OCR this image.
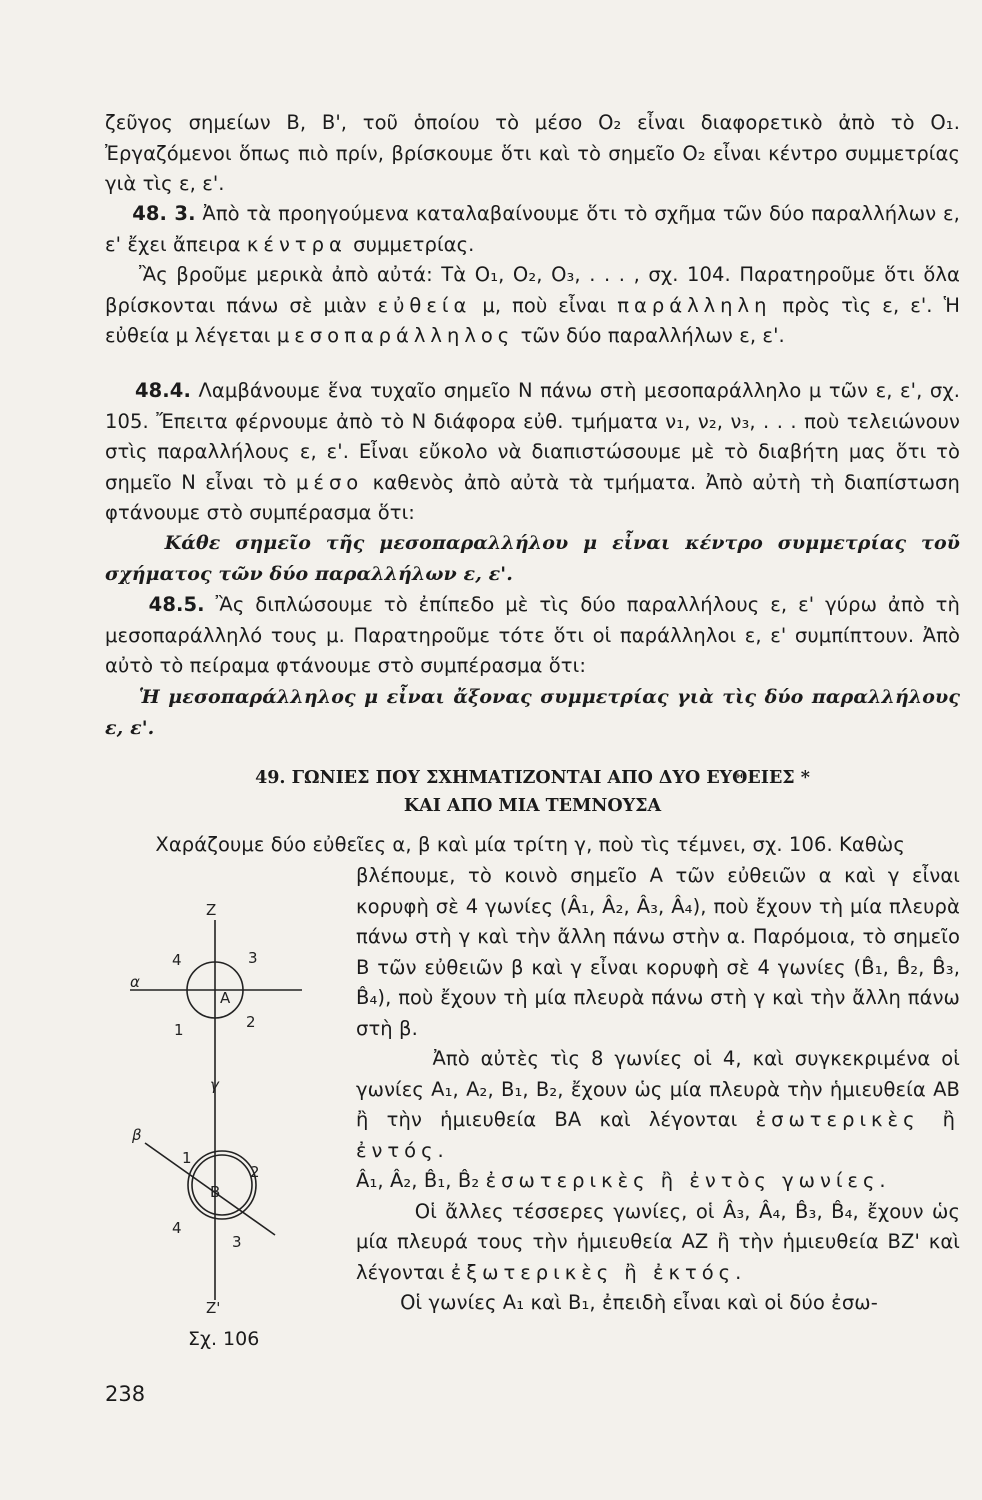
ζεῦγος σημείων Β, Β', τοῦ ὁποίου τὸ μέσο Ο₂ εἶναι διαφορετικὸ ἀπὸ τὸ Ο₁. Ἐργαζόμενοι ὅπως πιὸ πρίν, βρίσκουμε ὅτι καὶ τὸ σημεῖο Ο₂ εἶναι κέντρο συμμετρίας γιὰ τὶς ε, ε'.
48. 3. Ἀπὸ τὰ προηγούμενα καταλαβαίνουμε ὅτι τὸ σχῆμα τῶν δύο παραλλήλων ε, ε' ἔχει ἄπειρα κέντρα συμμετρίας.
Ἂς βροῦμε μερικὰ ἀπὸ αὐτά: Τὰ Ο₁, Ο₂, Ο₃, . . . , σχ. 104. Παρατηροῦμε ὅτι ὅλα βρίσκονται πάνω σὲ μιὰν εὐθεία μ, ποὺ εἶναι παράλληλη πρὸς τὶς ε, ε'. Ἡ εὐθεία μ λέγεται μεσοπαράλληλος τῶν δύο παραλλήλων ε, ε'.
48.4. Λαμβάνουμε ἕνα τυχαῖο σημεῖο Ν πάνω στὴ μεσοπαράλληλο μ τῶν ε, ε', σχ. 105. Ἔπειτα φέρνουμε ἀπὸ τὸ Ν διάφορα εὐθ. τμήματα ν₁, ν₂, ν₃, . . . ποὺ τελειώνουν στὶς παραλλήλους ε, ε'. Εἶναι εὔκολο νὰ διαπιστώσουμε μὲ τὸ διαβήτη μας ὅτι τὸ σημεῖο Ν εἶναι τὸ μέσο καθενὸς ἀπὸ αὐτὰ τὰ τμήματα. Ἀπὸ αὐτὴ τὴ διαπίστωση φτάνουμε στὸ συμπέρασμα ὅτι:
Κάθε σημεῖο τῆς μεσοπαραλλήλου μ εἶναι κέντρο συμμετρίας τοῦ σχήματος τῶν δύο παραλλήλων ε, ε'.
48.5. Ἂς διπλώσουμε τὸ ἐπίπεδο μὲ τὶς δύο παραλλήλους ε, ε' γύρω ἀπὸ τὴ μεσοπαράλληλό τους μ. Παρατηροῦμε τότε ὅτι οἱ παράλληλοι ε, ε' συμπίπτουν. Ἀπὸ αὐτὸ τὸ πείραμα φτάνουμε στὸ συμπέρασμα ὅτι:
Ἡ μεσοπαράλληλος μ εἶναι ἄξονας συμμετρίας γιὰ τὶς δύο παραλλήλους ε, ε'.
49. ΓΩΝΙΕΣ ΠΟΥ ΣΧΗΜΑΤΙΖΟΝΤΑΙ ΑΠΟ ΔΥΟ ΕΥΘΕΙΕΣ *
ΚΑΙ ΑΠΟ ΜΙΑ ΤΕΜΝΟΥΣΑ
Χαράζουμε δύο εὐθεῖες α, β καὶ μία τρίτη γ, ποὺ τὶς τέμνει, σχ. 106. Καθὼς
βλέπουμε, τὸ κοινὸ σημεῖο Α τῶν εὐθειῶν α καὶ γ εἶναι κορυφὴ σὲ 4 γωνίες (Â₁, Â₂, Â₃, Â₄), ποὺ ἔχουν τὴ μία πλευρὰ πάνω στὴ γ καὶ τὴν ἄλλη πάνω στὴν α. Παρόμοια, τὸ σημεῖο Β τῶν εὐθειῶν β καὶ γ εἶναι κορυφὴ σὲ 4 γωνίες (B̂₁, B̂₂, B̂₃, B̂₄), ποὺ ἔχουν τὴ μία πλευρὰ πάνω στὴ γ καὶ τὴν ἄλλη πάνω στὴ β.
Ἀπὸ αὐτὲς τὶς 8 γωνίες οἱ 4, καὶ συγκεκριμένα οἱ γωνίες Α₁, Α₂, Β₁, Β₂, ἔχουν ὡς μία πλευρὰ τὴν ἡμιευθεία ΑΒ ἢ τὴν ἡμιευθεία ΒΑ καὶ λέγονται ἐσωτερικὲς ἢ ἐντός.
Â₁, Â₂, B̂₁, B̂₂ ἐσωτερικὲς ἢ ἐντὸς γωνίες.
Οἱ ἄλλες τέσσερες γωνίες, οἱ Â₃, Â₄, B̂₃, B̂₄, ἔχουν ὡς μία πλευρά τους τὴν ἡμιευθεία ΑΖ ἢ τὴν ἡμιευθεία ΒΖ' καὶ λέγονται ἐξωτερικὲς ἢ ἐκτός.
Οἱ γωνίες Α₁ καὶ Β₁, ἐπειδὴ εἶναι καὶ οἱ δύο ἐσω-
Z
A
α
4	3
1	2
γ
β
B
1
2
3
4
Z'
Σχ. 106
238
